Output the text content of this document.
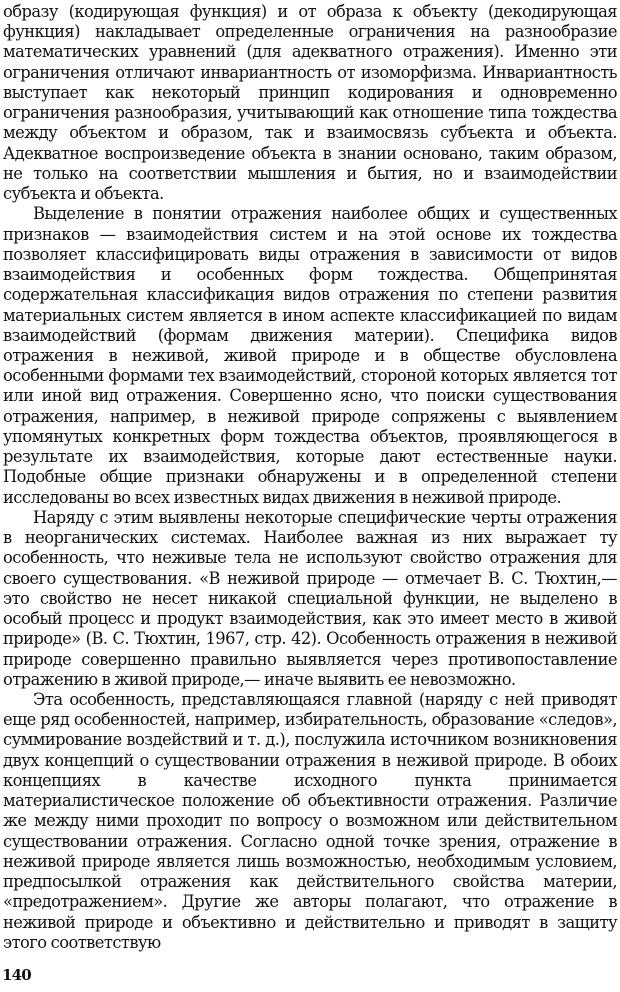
образу (кодирующая функция) и от образа к объекту (декодирующая функция) накладывает определенные ограничения на разнообразие математических уравнений (для адекватного отражения). Именно эти ограничения отличают инвариантность от изоморфизма. Инвариантность выступает как некоторый принцип кодирования и одновременно ограничения разнообразия, учитывающий как отношение типа тождества между объектом и образом, так и взаимосвязь субъекта и объекта. Адекватное воспроизведение объекта в знании основано, таким образом, не только на соответствии мышления и бытия, но и взаимодействии субъекта и объекта.

Выделение в понятии отражения наиболее общих и существенных признаков — взаимодействия систем и на этой основе их тождества позволяет классифицировать виды отражения в зависимости от видов взаимодействия и особенных форм тождества. Общепринятая содержательная классификация видов отражения по степени развития материальных систем является в ином аспекте классификацией по видам взаимодействий (формам движения материи). Специфика видов отражения в неживой, живой природе и в обществе обусловлена особенными формами тех взаимодействий, стороной которых является тот или иной вид отражения. Совершенно ясно, что поиски существования отражения, например, в неживой природе сопряжены с выявлением упомянутых конкретных форм тождества объектов, проявляющегося в результате их взаимодействия, которые дают естественные науки. Подобные общие признаки обнаружены и в определенной степени исследованы во всех известных видах движения в неживой природе.

Наряду с этим выявлены некоторые специфические черты отражения в неорганических системах. Наиболее важная из них выражает ту особенность, что неживые тела не используют свойство отражения для своего существования. «В неживой природе — отмечает В. С. Тюхтин,— это свойство не несет никакой специальной функции, не выделено в особый процесс и продукт взаимодействия, как это имеет место в живой природе» (В. С. Тюхтин, 1967, стр. 42). Особенность отражения в неживой природе совершенно правильно выявляется через противопоставление отражению в живой природе,— иначе выявить ее невозможно.

Эта особенность, представляющаяся главной (наряду с ней приводят еще ряд особенностей, например, избирательность, образование «следов», суммирование воздействий и т. д.), послужила источником возникновения двух концепций о существовании отражения в неживой природе. В обоих концепциях в качестве исходного пункта принимается материалистическое положение об объективности отражения. Различие же между ними проходит по вопросу о возможном или действительном существовании отражения. Согласно одной точке зрения, отражение в неживой природе является лишь возможностью, необходимым условием, предпосылкой отражения как действительного свойства материи, «предотражением». Другие же авторы полагают, что отражение в неживой природе и объективно и действительно и приводят в защиту этого соответствую

140
